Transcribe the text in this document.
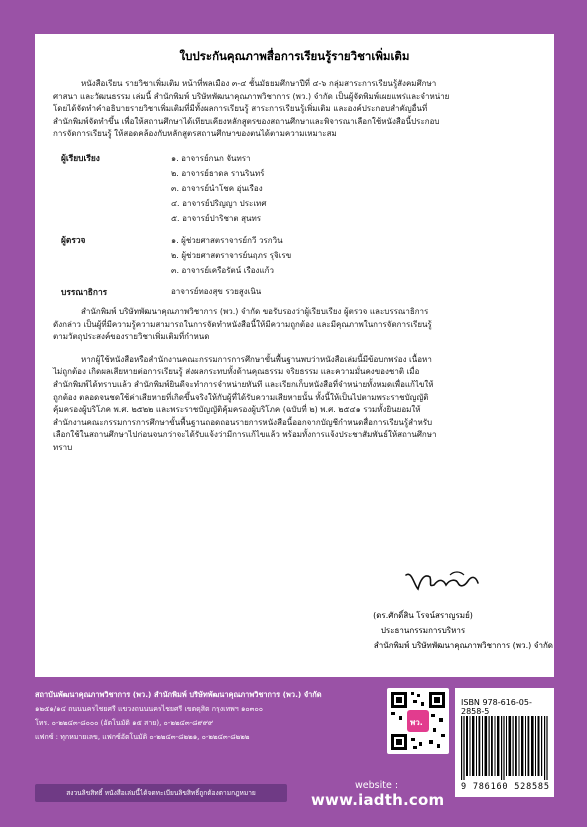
ใบประกันคุณภาพสื่อการเรียนรู้รายวิชาเพิ่มเติม

หนังสือเรียน รายวิชาเพิ่มเติม หน้าที่พลเมือง ๓-๔ ชั้นมัธยมศึกษาปีที่ ๔-๖ กลุ่มสาระการเรียนรู้สังคมศึกษา

ศาสนา และวัฒนธรรม เล่มนี้ สำนักพิมพ์ บริษัทพัฒนาคุณภาพวิชาการ (พว.) จำกัด เป็นผู้จัดพิมพ์เผยแพร่และจำหน่าย

โดยได้จัดทำคำอธิบายรายวิชาเพิ่มเติมที่มีทั้งผลการเรียนรู้ สาระการเรียนรู้เพิ่มเติม และองค์ประกอบสำคัญอื่นที่

สำนักพิมพ์จัดทำขึ้น เพื่อให้สถานศึกษาได้เทียบเคียงหลักสูตรของสถานศึกษาและพิจารณาเลือกใช้หนังสือนี้ประกอบ

การจัดการเรียนรู้ ให้สอดคล้องกับหลักสูตรสถานศึกษาของตนได้ตามความเหมาะสม

ผู้เรียบเรียง	๑. อาจารย์กนก จันทรา
๒. อาจารย์ธาดล รานรินทร์
๓. อาจารย์นำโชค อุ่นเรือง
๔. อาจารย์ปริญญา ประเทศ
๕. อาจารย์ปาริชาต สุนทร
ผู้ตรวจ	๑. ผู้ช่วยศาสตราจารย์กวี วรกวิน
๒. ผู้ช่วยศาสตราจารย์นฤภร รุจิเรข
๓. อาจารย์เครือรัตน์ เรืองแก้ว
บรรณาธิการ	อาจารย์ทองสุข รวยสูงเนิน

สำนักพิมพ์ บริษัทพัฒนาคุณภาพวิชาการ (พว.) จำกัด ขอรับรองว่าผู้เรียบเรียง ผู้ตรวจ และบรรณาธิการ

ดังกล่าว เป็นผู้ที่มีความรู้ความสามารถในการจัดทำหนังสือนี้ให้มีความถูกต้อง และมีคุณภาพในการจัดการเรียนรู้

ตามวัตถุประสงค์ของรายวิชาเพิ่มเติมที่กำหนด

หากผู้ใช้หนังสือหรือสำนักงานคณะกรรมการการศึกษาขั้นพื้นฐานพบว่าหนังสือเล่มนี้มีข้อบกพร่อง เนื้อหา

ไม่ถูกต้อง เกิดผลเสียหายต่อการเรียนรู้ ส่งผลกระทบทั้งด้านคุณธรรม จริยธรรม และความมั่นคงของชาติ เมื่อ

สำนักพิมพ์ได้ทราบแล้ว สำนักพิมพ์ยินดีจะทำการจำหน่ายทันที และเรียกเก็บหนังสือที่จำหน่ายทั้งหมดเพื่อแก้ไขให้

ถูกต้อง ตลอดจนชดใช้ค่าเสียหายที่เกิดขึ้นจริงให้กับผู้ที่ได้รับความเสียหายนั้น ทั้งนี้ให้เป็นไปตามพระราชบัญญัติ

คุ้มครองผู้บริโภค พ.ศ. ๒๕๒๒ และพระราชบัญญัติคุ้มครองผู้บริโภค (ฉบับที่ ๒) พ.ศ. ๒๕๔๑ รวมทั้งยินยอมให้

สำนักงานคณะกรรมการการศึกษาขั้นพื้นฐานถอดถอนรายการหนังสือนี้ออกจากบัญชีกำหนดสื่อการเรียนรู้สำหรับ

เลือกใช้ในสถานศึกษาไปก่อนจนกว่าจะได้รับแจ้งว่ามีการแก้ไขแล้ว พร้อมทั้งการแจ้งประชาสัมพันธ์ให้สถานศึกษา

ทราบ

(ดร.ศักดิ์สิน โรจน์สราญรมย์)
ประธานกรรมการบริหาร
สำนักพิมพ์ บริษัทพัฒนาคุณภาพวิชาการ (พว.) จำกัด
สถาบันพัฒนาคุณภาพวิชาการ (พว.) สำนักพิมพ์ บริษัทพัฒนาคุณภาพวิชาการ (พว.) จำกัด
๑๒๕๑/๑๔ ถนนนครไชยศรี แขวงถนนนครไชยศรี เขตดุสิต กรุงเทพฯ ๑๐๓๐๐
โทร. ๐-๒๒๔๓-๘๐๐๐ (อัตโนมัติ ๑๕ สาย), ๐-๒๒๔๓-๘๙๙๙
แฟกซ์ : ทุกหมายเลข, แฟกซ์อัตโนมัติ ๐-๒๒๔๓-๘๒๒๑, ๐-๒๒๔๓-๘๒๒๒
สงวนลิขสิทธิ์ หนังสือเล่มนี้ได้จดทะเบียนลิขสิทธิ์ถูกต้องตามกฎหมาย
website :
www.iadth.com
พว.
ISBN 978-616-05-2858-5
9 786160 528585
